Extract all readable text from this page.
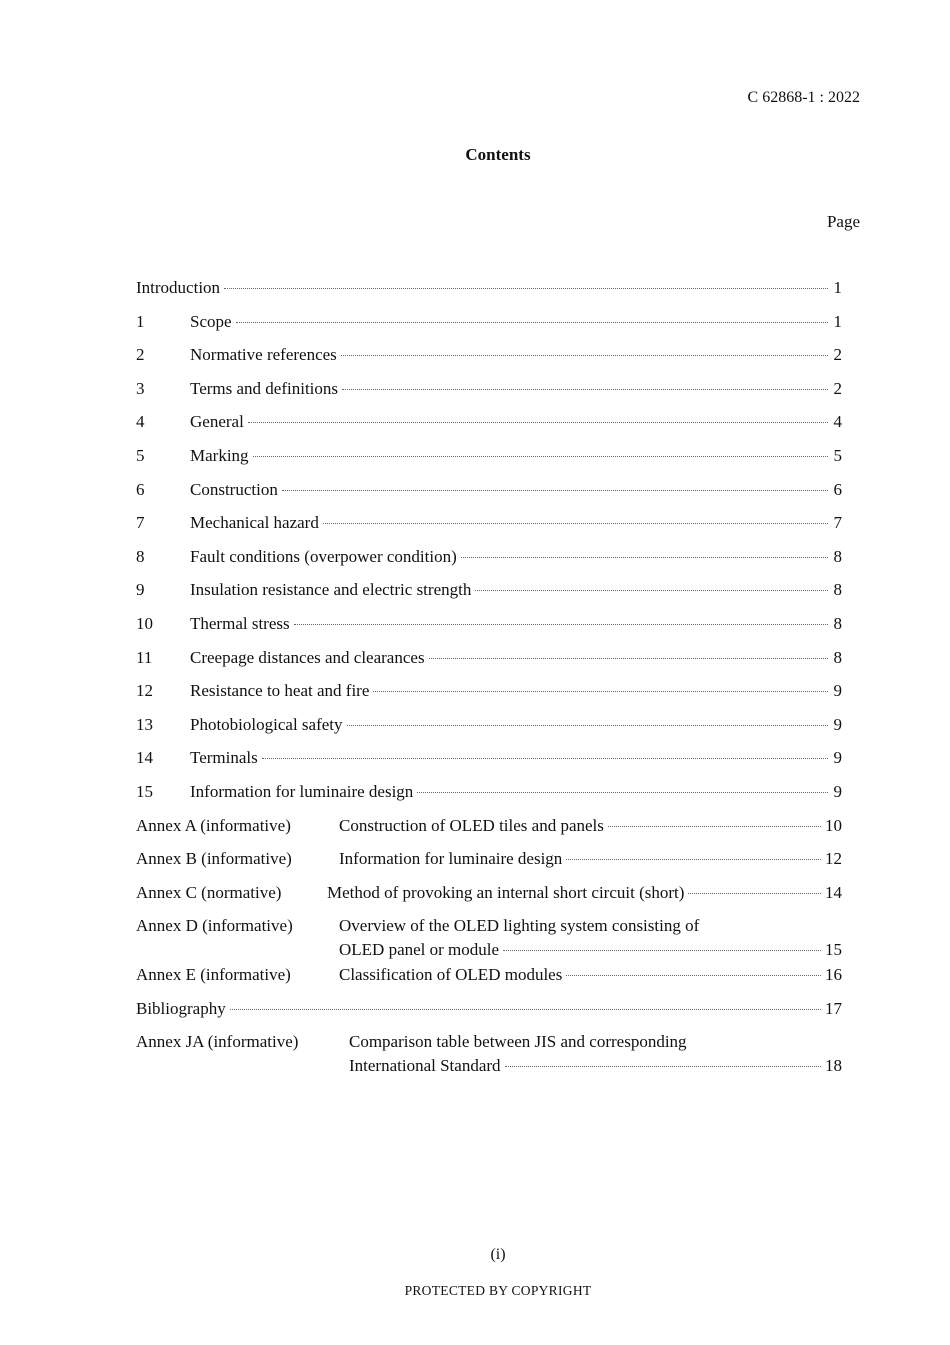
C 62868-1 : 2022
Contents
Page
Introduction	1
1	Scope	1
2	Normative references	2
3	Terms and definitions	2
4	General	4
5	Marking	5
6	Construction	6
7	Mechanical hazard	7
8	Fault conditions (overpower condition)	8
9	Insulation resistance and electric strength	8
10	Thermal stress	8
11	Creepage distances and clearances	8
12	Resistance to heat and fire	9
13	Photobiological safety	9
14	Terminals	9
15	Information for luminaire design	9
Annex A (informative)	Construction of OLED tiles and panels	10
Annex B (informative)	Information for luminaire design	12
Annex C (normative)	Method of provoking an internal short circuit (short)	14
Annex D (informative)	Overview of the OLED lighting system consisting of
OLED panel or module	15
Annex E (informative)	Classification of OLED modules	16
Bibliography	17
Annex JA (informative)	Comparison table between JIS and corresponding
International Standard	18
(i)
PROTECTED BY COPYRIGHT
